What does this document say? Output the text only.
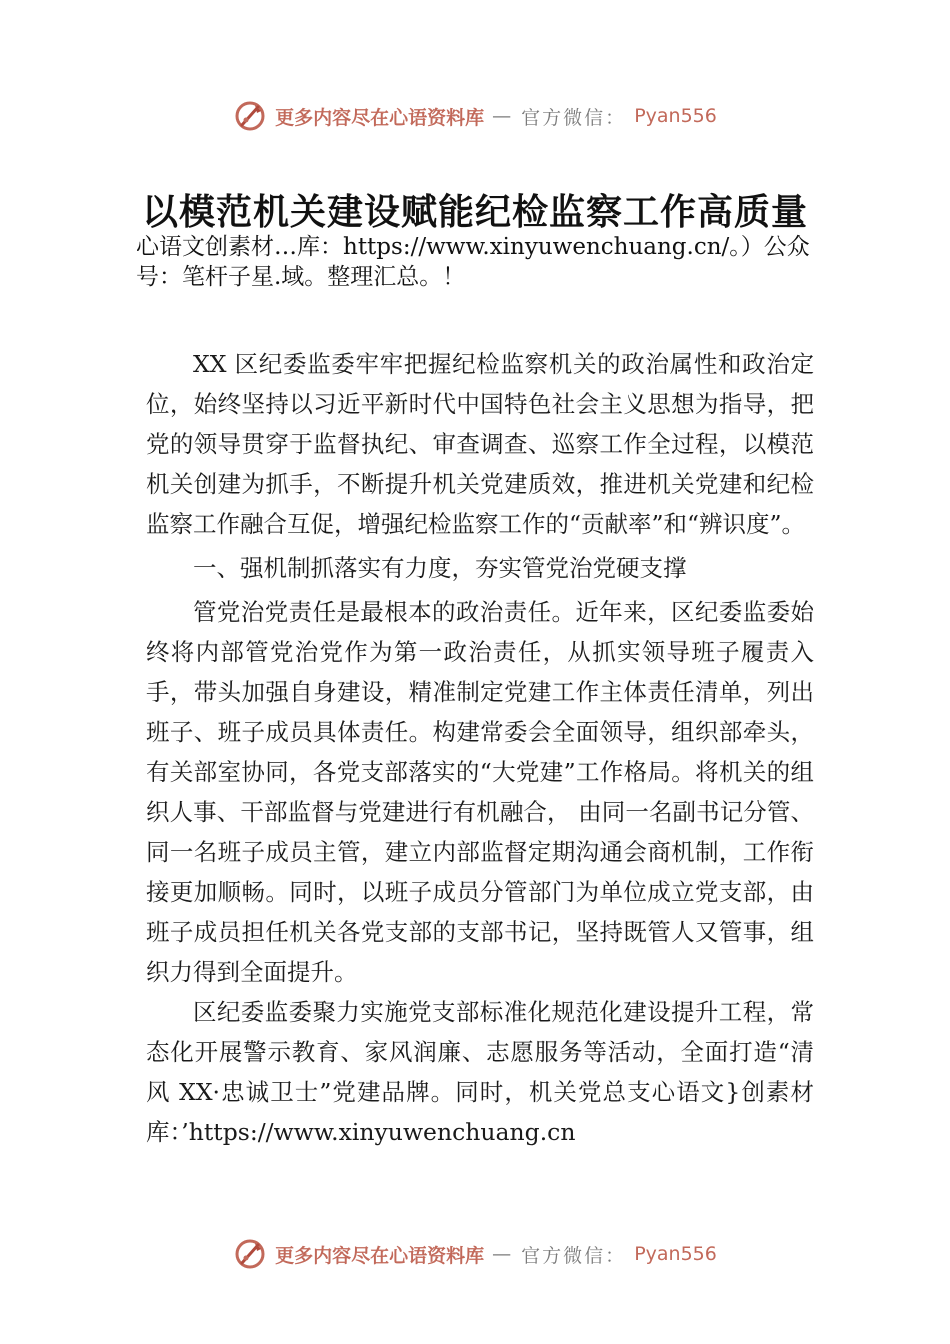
更多内容尽在心语资料库 — 官方微信： Pyan556
以模范机关建设赋能纪检监察工作高质量
心语文创素材…库：https://www.xinyuwenchuang.cn/。）公众号：笔杆子星.域。整理汇总。！

XX 区纪委监委牢牢把握纪检监察机关的政治属性和政治定位，始终坚持以习近平新时代中国特色社会主义思想为指导，把党的领导贯穿于监督执纪、审查调查、巡察工作全过程，以模范机关创建为抓手，不断提升机关党建质效，推进机关党建和纪检监察工作融合互促，增强纪检监察工作的“贡献率”和“辨识度”。

一、强机制抓落实有力度，夯实管党治党硬支撑

管党治党责任是最根本的政治责任。近年来，区纪委监委始终将内部管党治党作为第一政治责任，从抓实领导班子履责入手，带头加强自身建设，精准制定党建工作主体责任清单，列出班子、班子成员具体责任。构建常委会全面领导，组织部牵头，有关部室协同，各党支部落实的“大党建”工作格局。将机关的组织人事、干部监督与党建进行有机融合， 由同一名副书记分管、同一名班子成员主管，建立内部监督定期沟通会商机制，工作衔接更加顺畅。同时，以班子成员分管部门为单位成立党支部，由班子成员担任机关各党支部的支部书记，坚持既管人又管事，组织力得到全面提升。

区纪委监委聚力实施党支部标准化规范化建设提升工程，常态化开展警示教育、家风润廉、志愿服务等活动，全面打造“清风 XX·忠诚卫士”党建品牌。同时，机关党总支心语文}创素材库：’https://www.xinyuwenchuang.cn

更多内容尽在心语资料库 — 官方微信： Pyan556
